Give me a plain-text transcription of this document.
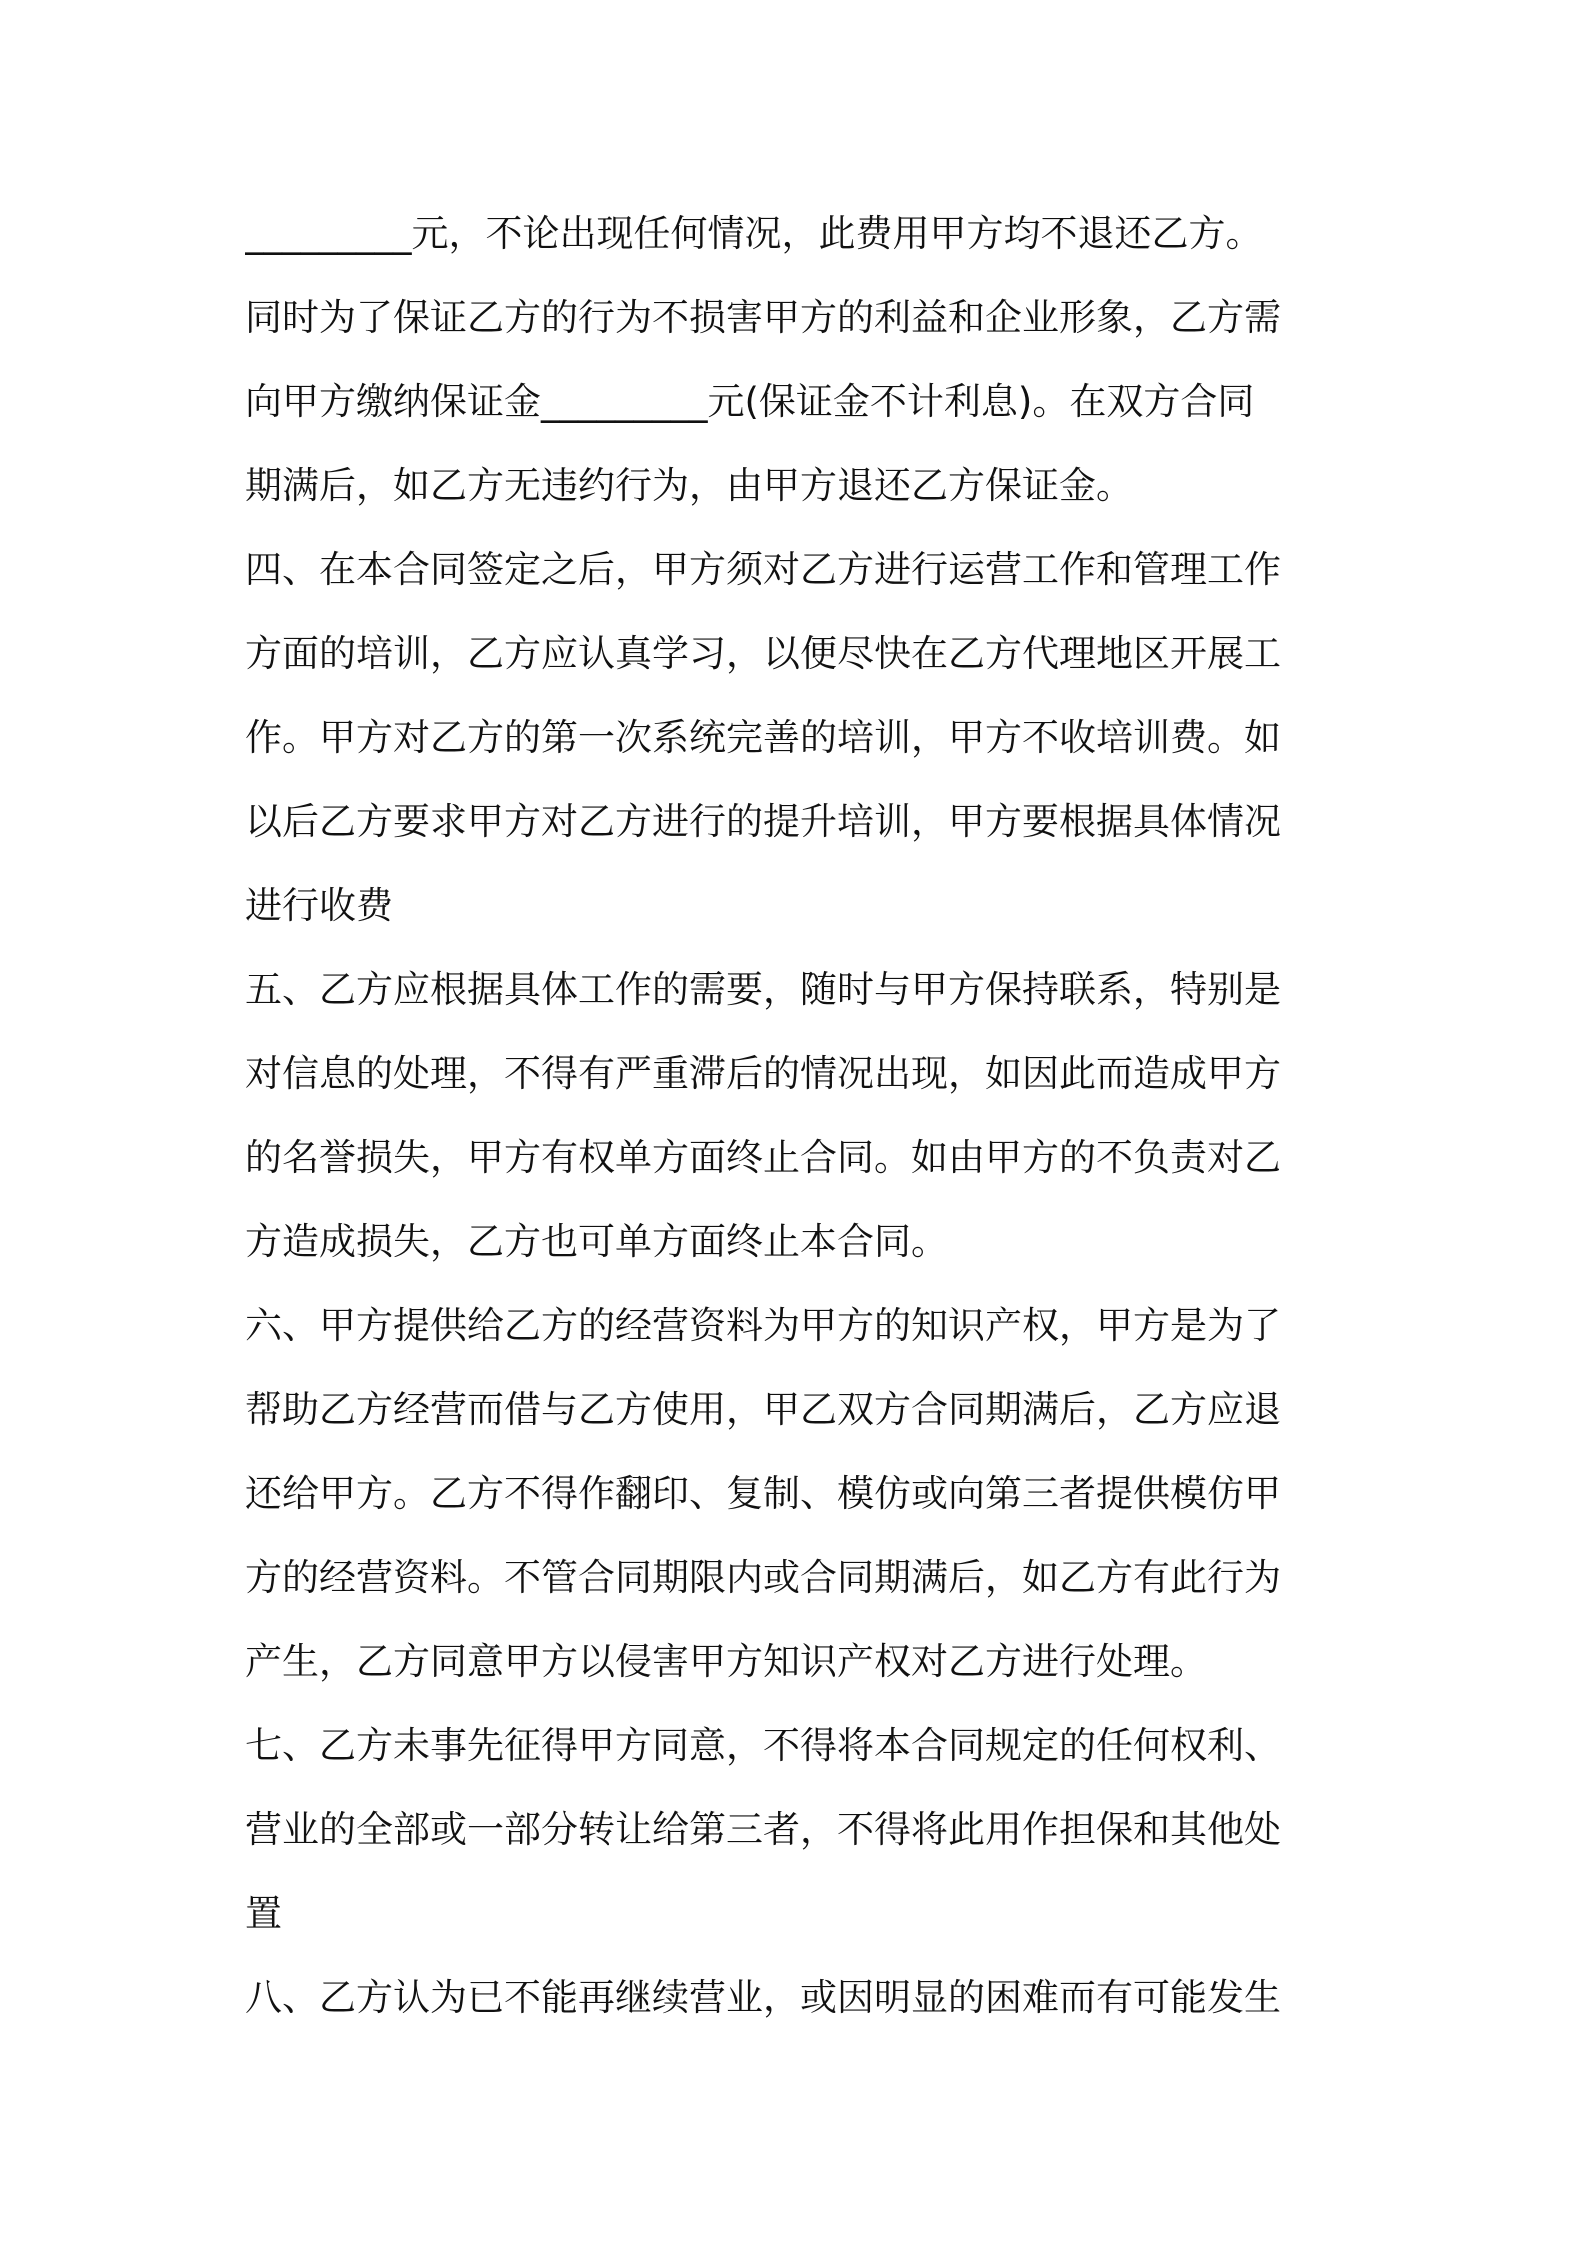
_________元，不论出现任何情况，此费用甲方均不退还乙方。
同时为了保证乙方的行为不损害甲方的利益和企业形象，乙方需
向甲方缴纳保证金_________元(保证金不计利息)。在双方合同
期满后，如乙方无违约行为，由甲方退还乙方保证金。
四、在本合同签定之后，甲方须对乙方进行运营工作和管理工作
方面的培训，乙方应认真学习，以便尽快在乙方代理地区开展工
作。甲方对乙方的第一次系统完善的培训，甲方不收培训费。如
以后乙方要求甲方对乙方进行的提升培训，甲方要根据具体情况
进行收费
五、乙方应根据具体工作的需要，随时与甲方保持联系，特别是
对信息的处理，不得有严重滞后的情况出现，如因此而造成甲方
的名誉损失，甲方有权单方面终止合同。如由甲方的不负责对乙
方造成损失，乙方也可单方面终止本合同。
六、甲方提供给乙方的经营资料为甲方的知识产权，甲方是为了
帮助乙方经营而借与乙方使用，甲乙双方合同期满后，乙方应退
还给甲方。乙方不得作翻印、复制、模仿或向第三者提供模仿甲
方的经营资料。不管合同期限内或合同期满后，如乙方有此行为
产生，乙方同意甲方以侵害甲方知识产权对乙方进行处理。
七、乙方未事先征得甲方同意，不得将本合同规定的任何权利、
营业的全部或一部分转让给第三者，不得将此用作担保和其他处
置
八、乙方认为已不能再继续营业，或因明显的困难而有可能发生
